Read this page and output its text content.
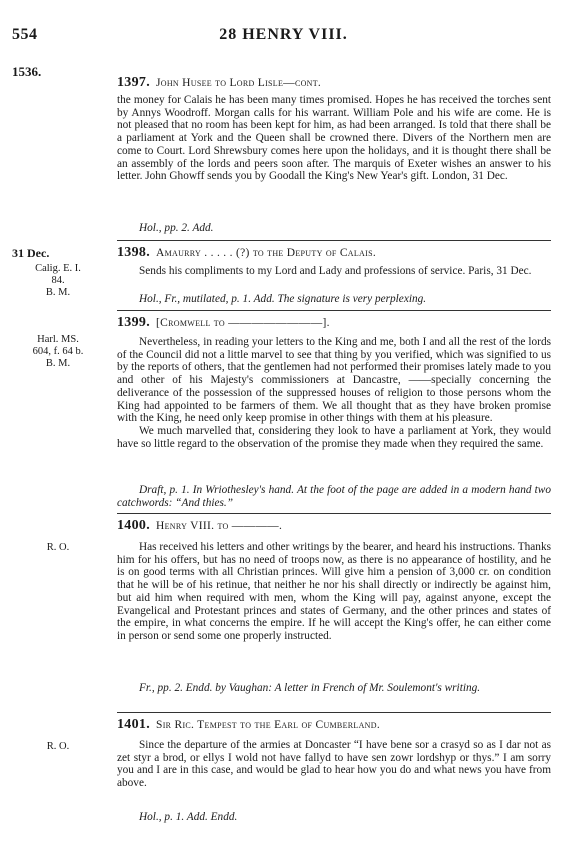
554	28 HENRY VIII.
1536.
1397. John Husee to Lord Lisle—cont.

the money for Calais he has been many times promised. Hopes he has received the torches sent by Annys Woodroff. Morgan calls for his warrant. William Pole and his wife are come. He is not pleased that no room has been kept for him, as had been arranged. Is told that there shall be a parliament at York and the Queen shall be crowned there. Divers of the Northern men are come to Court. Lord Shrewsbury comes here upon the holidays, and it is thought there shall be an assembly of the lords and peers soon after. The marquis of Exeter wishes an answer to his letter. John Ghowff sends you by Goodall the King's New Year's gift. London, 31 Dec.

Hol., pp. 2. Add.
31 Dec.
Calig. E. I.
84.
B. M.
1398. Amaurry . . . . . (?) to the Deputy of Calais.

Sends his compliments to my Lord and Lady and professions of service. Paris, 31 Dec.

Hol., Fr., mutilated, p. 1. Add. The signature is very perplexing.
Harl. MS.
604, f. 64 b.
B. M.
1399. [Cromwell to ————————].

Nevertheless, in reading your letters to the King and me, both I and all the rest of the lords of the Council did not a little marvel to see that thing by you verified, which was signified to us by the reports of others, that the gentlemen had not performed their promises lately made to you and other of his Majesty's commissioners at Dancastre, ——specially concerning the deliverance of the possession of the suppressed houses of religion to those persons whom the King had appointed to be farmers of them. We all thought that as they have broken promise with the King, he need only keep promise in other things with them at his pleasure.

We much marvelled that, considering they look to have a parliament at York, they would have so little regard to the observation of the promise they made when they required the same.

Draft, p. 1. In Wriothesley's hand. At the foot of the page are added in a modern hand two catchwords: “And thies.”
R. O.
1400. Henry VIII. to ————.

Has received his letters and other writings by the bearer, and heard his instructions. Thanks him for his offers, but has no need of troops now, as there is no appearance of hostility, and he is on good terms with all Christian princes. Will give him a pension of 3,000 cr. on condition that he will be of his retinue, that neither he nor his shall directly or indirectly be against him, but aid him when required with men, whom the King will pay, against anyone, except the Evangelical and Protestant princes and states of Germany, and the other princes and states of the empire, in what concerns the empire. If he will accept the King's offer, he can either come in person or send some one properly instructed.

Fr., pp. 2. Endd. by Vaughan: A letter in French of Mr. Soulemont's writing.
R. O.
1401. Sir Ric. Tempest to the Earl of Cumberland.

Since the departure of the armies at Doncaster “I have bene sor a crasyd so as I dar not as zet styr a brod, or ellys I wold not have fallyd to have sen zowr lordshyp or thys.” I am sorry you and I are in this case, and would be glad to hear how you do and what news you have from above.

Hol., p. 1. Add. Endd.
